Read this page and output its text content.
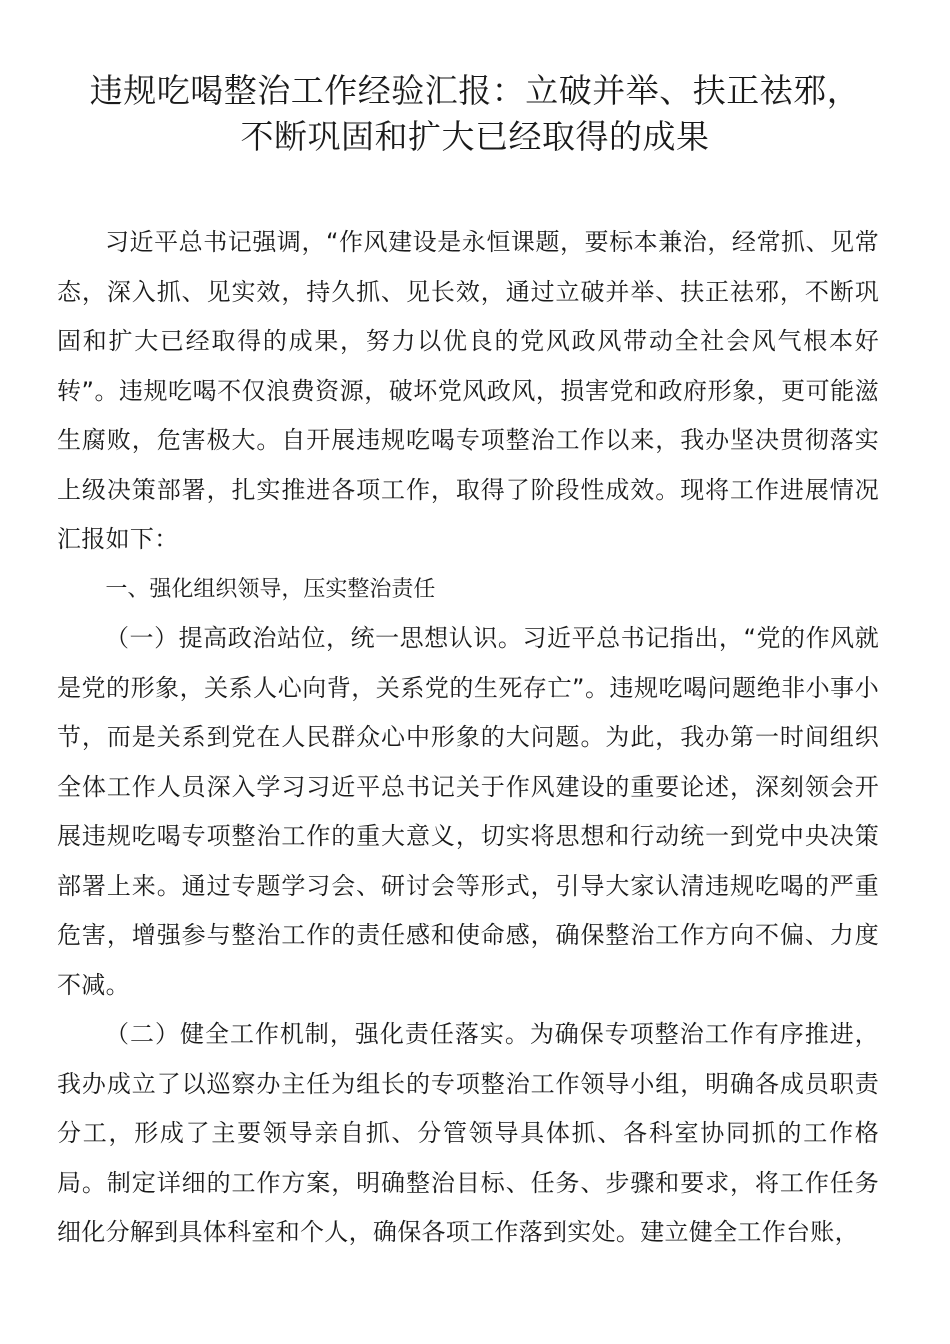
违规吃喝整治工作经验汇报：立破并举、扶正祛邪，
不断巩固和扩大已经取得的成果

习近平总书记强调，“作风建设是永恒课题，要标本兼治，经常抓、见常态，深入抓、见实效，持久抓、见长效，通过立破并举、扶正祛邪，不断巩固和扩大已经取得的成果，努力以优良的党风政风带动全社会风气根本好转”。违规吃喝不仅浪费资源，破坏党风政风，损害党和政府形象，更可能滋生腐败，危害极大。自开展违规吃喝专项整治工作以来，我办坚决贯彻落实上级决策部署，扎实推进各项工作，取得了阶段性成效。现将工作进展情况汇报如下：

一、强化组织领导，压实整治责任

（一）提高政治站位，统一思想认识。习近平总书记指出，“党的作风就是党的形象，关系人心向背，关系党的生死存亡”。违规吃喝问题绝非小事小节，而是关系到党在人民群众心中形象的大问题。为此，我办第一时间组织全体工作人员深入学习习近平总书记关于作风建设的重要论述，深刻领会开展违规吃喝专项整治工作的重大意义，切实将思想和行动统一到党中央决策部署上来。通过专题学习会、研讨会等形式，引导大家认清违规吃喝的严重危害，增强参与整治工作的责任感和使命感，确保整治工作方向不偏、力度不减。

（二）健全工作机制，强化责任落实。为确保专项整治工作有序推进，我办成立了以巡察办主任为组长的专项整治工作领导小组，明确各成员职责分工，形成了主要领导亲自抓、分管领导具体抓、各科室协同抓的工作格局。制定详细的工作方案，明确整治目标、任务、步骤和要求，将工作任务细化分解到具体科室和个人，确保各项工作落到实处。建立健全工作台账，
